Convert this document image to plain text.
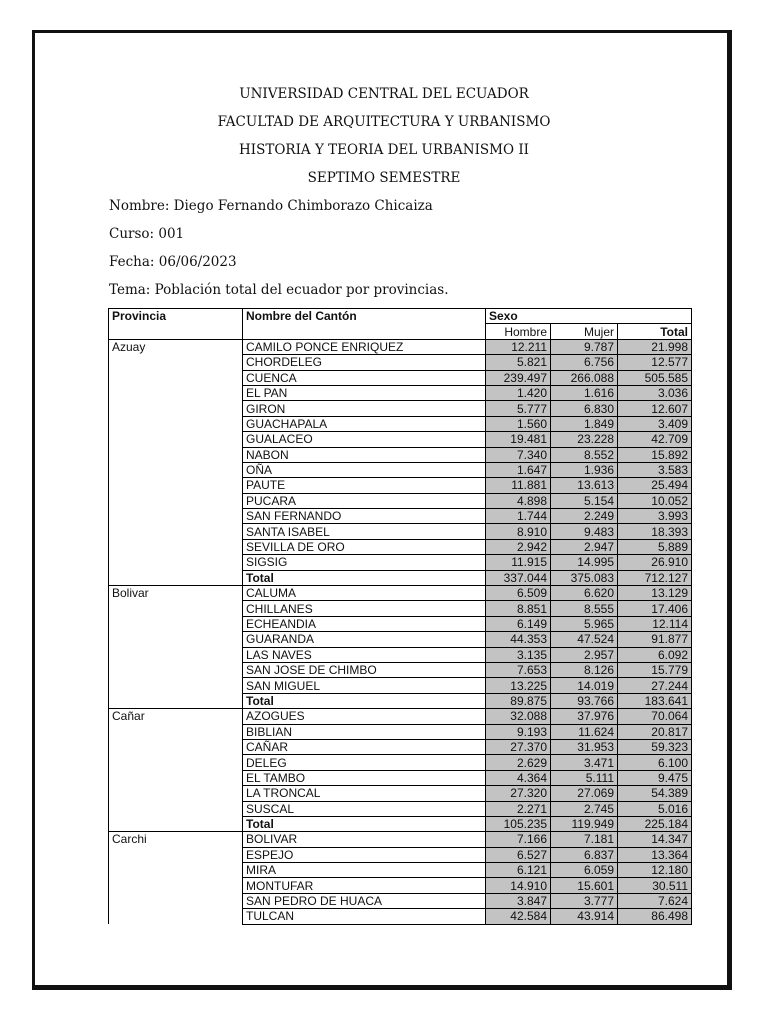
UNIVERSIDAD CENTRAL DEL ECUADOR
FACULTAD DE ARQUITECTURA Y URBANISMO
HISTORIA Y TEORIA DEL URBANISMO II
SEPTIMO SEMESTRE
Nombre: Diego Fernando Chimborazo Chicaiza
Curso: 001
Fecha: 06/06/2023
Tema: Población total del ecuador por provincias.
Provincia	Nombre del Cantón	Sexo		
		Hombre	Mujer	Total
Azuay	CAMILO PONCE ENRIQUEZ	12.211	9.787	21.998
	CHORDELEG	5.821	6.756	12.577
	CUENCA	239.497	266.088	505.585
	EL PAN	1.420	1.616	3.036
	GIRON	5.777	6.830	12.607
	GUACHAPALA	1.560	1.849	3.409
	GUALACEO	19.481	23.228	42.709
	NABON	7.340	8.552	15.892
	OÑA	1.647	1.936	3.583
	PAUTE	11.881	13.613	25.494
	PUCARA	4.898	5.154	10.052
	SAN FERNANDO	1.744	2.249	3.993
	SANTA ISABEL	8.910	9.483	18.393
	SEVILLA DE ORO	2.942	2.947	5.889
	SIGSIG	11.915	14.995	26.910
	Total	337.044	375.083	712.127
Bolivar	CALUMA	6.509	6.620	13.129
	CHILLANES	8.851	8.555	17.406
	ECHEANDIA	6.149	5.965	12.114
	GUARANDA	44.353	47.524	91.877
	LAS NAVES	3.135	2.957	6.092
	SAN JOSE DE CHIMBO	7.653	8.126	15.779
	SAN MIGUEL	13.225	14.019	27.244
	Total	89.875	93.766	183.641
Cañar	AZOGUES	32.088	37.976	70.064
	BIBLIAN	9.193	11.624	20.817
	CAÑAR	27.370	31.953	59.323
	DELEG	2.629	3.471	6.100
	EL TAMBO	4.364	5.111	9.475
	LA TRONCAL	27.320	27.069	54.389
	SUSCAL	2.271	2.745	5.016
	Total	105.235	119.949	225.184
Carchi	BOLIVAR	7.166	7.181	14.347
	ESPEJO	6.527	6.837	13.364
	MIRA	6.121	6.059	12.180
	MONTUFAR	14.910	15.601	30.511
	SAN PEDRO DE HUACA	3.847	3.777	7.624
	TULCAN	42.584	43.914	86.498
